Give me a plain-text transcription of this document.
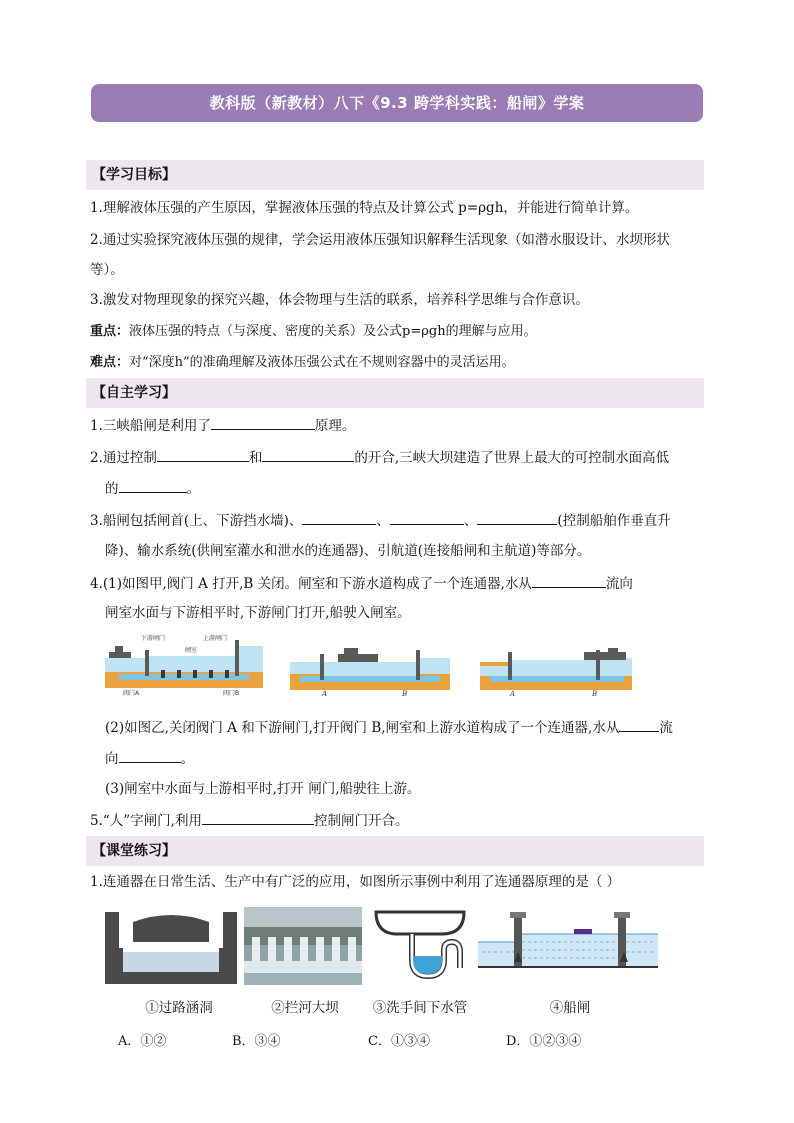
教科版（新教材）八下《9.3 跨学科实践：船闸》学案
【学习目标】
1.理解液体压强的产生原因，掌握液体压强的特点及计算公式 p=ρgh，并能进行简单计算。
2.通过实验探究液体压强的规律，学会运用液体压强知识解释生活现象（如潜水服设计、水坝形状
等）。
3.激发对物理现象的探究兴趣，体会物理与生活的联系，培养科学思维与合作意识。
重点：液体压强的特点（与深度、密度的关系）及公式p=ρgh的理解与应用。
难点：对“深度h”的准确理解及液体压强公式在不规则容器中的灵活运用。
【自主学习】
1.三峡船闸是利用了	原理。
2.通过控制	和	的开合,三峡大坝建造了世界上最大的可控制水面高低
的	。
3.船闸包括闸首(上、下游挡水墙)、	、	、	(控制船舶作垂直升
降)、输水系统(供闸室灌水和泄水的连通器)、引航道(连接船闸和主航道)等部分。
4.(1)如图甲,阀门 A 打开,B 关闭。闸室和下游水道构成了一个连通器,水从	流向
闸室水面与下游相平时,下游闸门打开,船驶入闸室。
下游闸门	上游闸门
闸室
阀门A	阀门B	A	B	A	B
(2)如图乙,关闭阀门 A 和下游闸门,打开阀门 B,闸室和上游水道构成了一个连通器,水从	流
向	。
(3)闸室中水面与上游相平时,打开 闸门,船驶往上游。
5.“人”字闸门,利用	控制闸门开合。
【课堂练习】
1.连通器在日常生活、生产中有广泛的应用，如图所示事例中利用了连通器原理的是（ ）
①过路涵洞	②拦河大坝	③洗手间下水管	④船闸
A．①②	B．③④	C．①③④	D．①②③④
